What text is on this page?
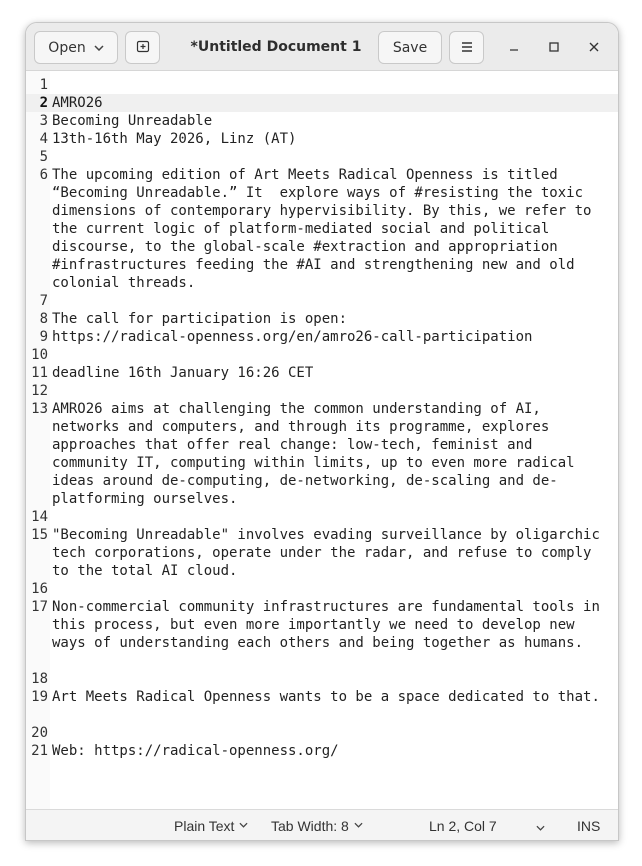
Open	*Untitled Document 1	Save
1
2 AMRO26
3 Becoming Unreadable
4 13th-16th May 2026, Linz (AT)
5
6 The upcoming edition of Art Meets Radical Openness is titled “Becoming Unreadable.” It  explore ways of #resisting the toxic  dimensions of contemporary hypervisibility. By this, we refer to the current logic of platform-mediated social and political discourse, to the global-scale #extraction and appropriation #infrastructures feeding the #AI and strengthening new and old colonial threads.
7
8 The call for participation is open:
9 https://radical-openness.org/en/amro26-call-participation
10
11 deadline 16th January 16:26 CET
12
13 AMRO26 aims at challenging the common understanding of AI, networks and computers, and through its programme, explores approaches that offer real change: low-tech, feminist and community IT, computing within limits, up to even more radical ideas around de-computing, de-networking, de-scaling and de-platforming ourselves.
14
15 "Becoming Unreadable" involves evading surveillance by oligarchic tech corporations, operate under the radar, and refuse to comply to the total AI cloud.
16
17 Non-commercial community infrastructures are fundamental tools in this process, but even more importantly we need to develop new ways of understanding each others and being together as humans.
18
19 Art Meets Radical Openness wants to be a space dedicated to that.
20
21 Web: https://radical-openness.org/
Plain Text	Tab Width: 8	Ln 2, Col 7	INS
